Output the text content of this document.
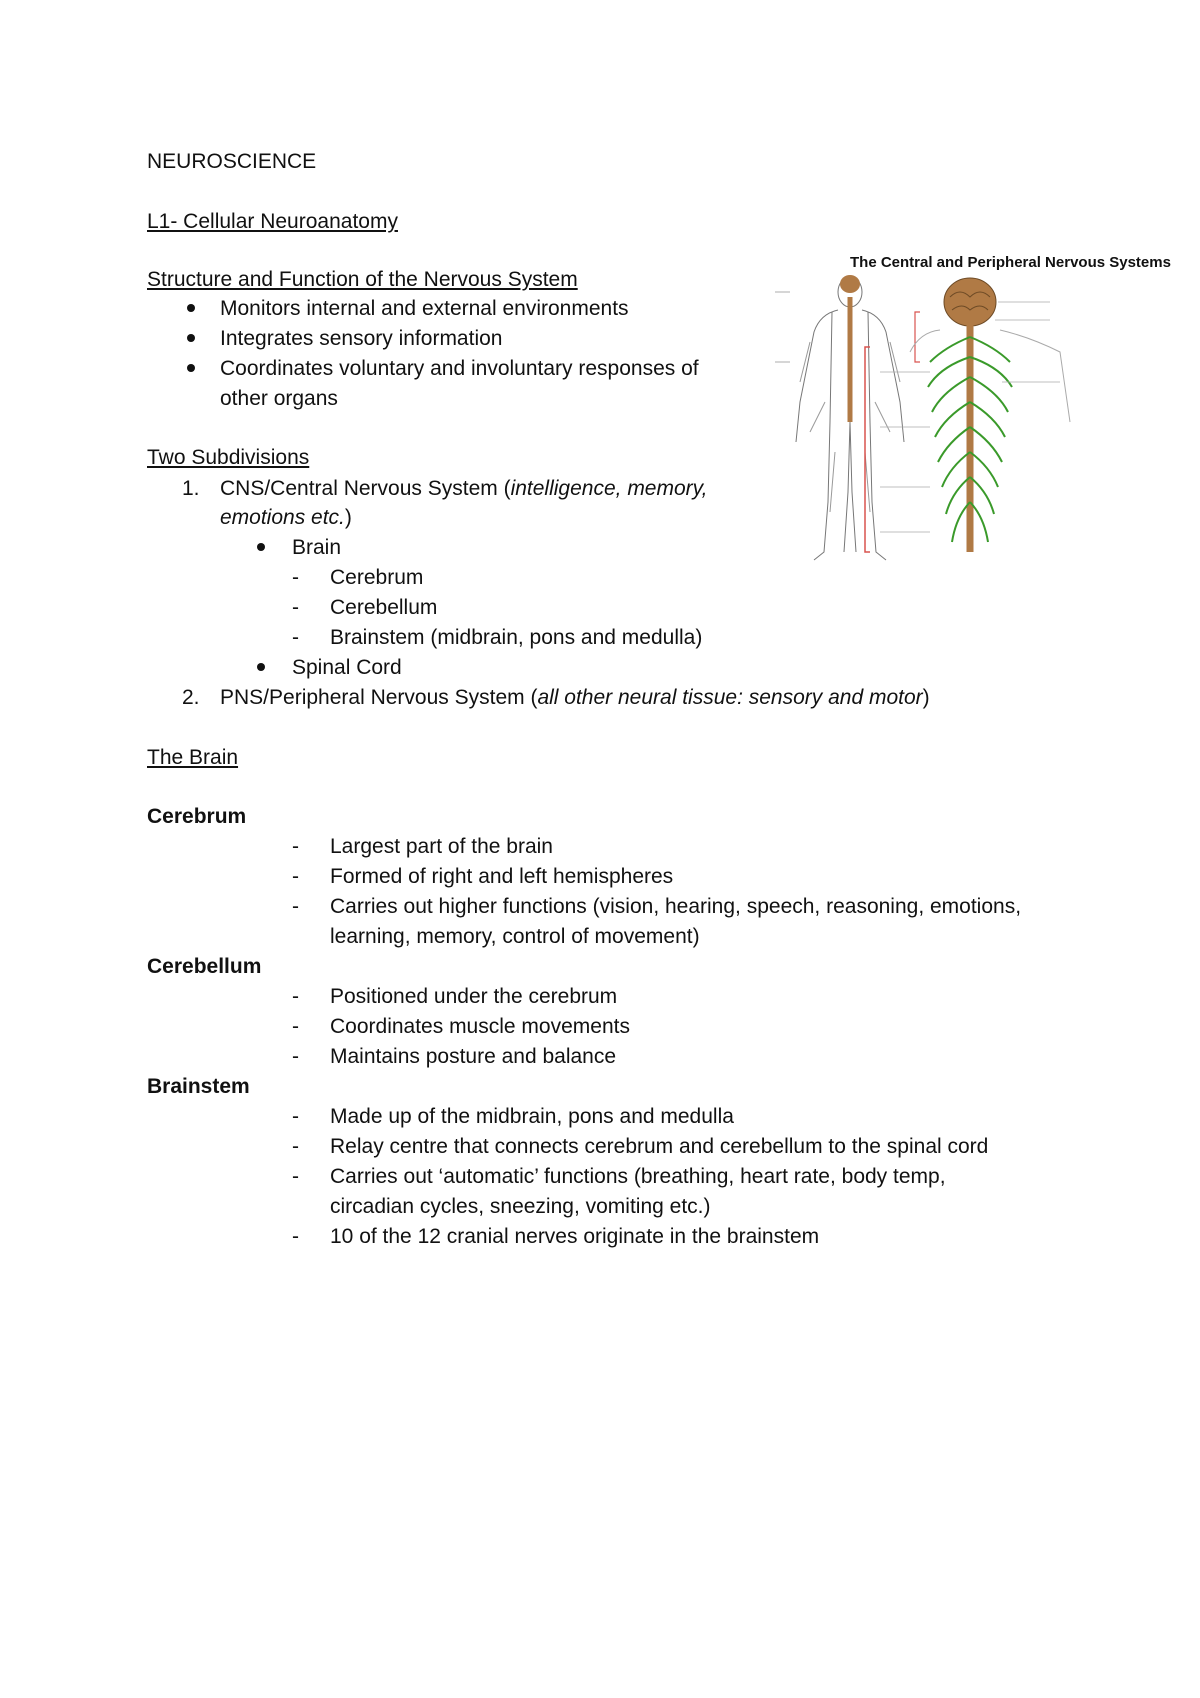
NEUROSCIENCE
L1- Cellular Neuroanatomy
Structure and Function of the Nervous System
Monitors internal and external environments
Integrates sensory information
Coordinates voluntary and involuntary responses of
other organs
Two Subdivisions
1. CNS/Central Nervous System (intelligence, memory,
emotions etc.)
Brain
- Cerebrum
- Cerebellum
- Brainstem (midbrain, pons and medulla)
Spinal Cord
2. PNS/Peripheral Nervous System (all other neural tissue: sensory and motor)
The Brain
Cerebrum
- Largest part of the brain
- Formed of right and left hemispheres
- Carries out higher functions (vision, hearing, speech, reasoning, emotions,
learning, memory, control of movement)
Cerebellum
- Positioned under the cerebrum
- Coordinates muscle movements
- Maintains posture and balance
Brainstem
- Made up of the midbrain, pons and medulla
- Relay centre that connects cerebrum and cerebellum to the spinal cord
- Carries out ‘automatic’ functions (breathing, heart rate, body temp,
circadian cycles, sneezing, vomiting etc.)
- 10 of the 12 cranial nerves originate in the brainstem
The Central and Peripheral Nervous Systems
